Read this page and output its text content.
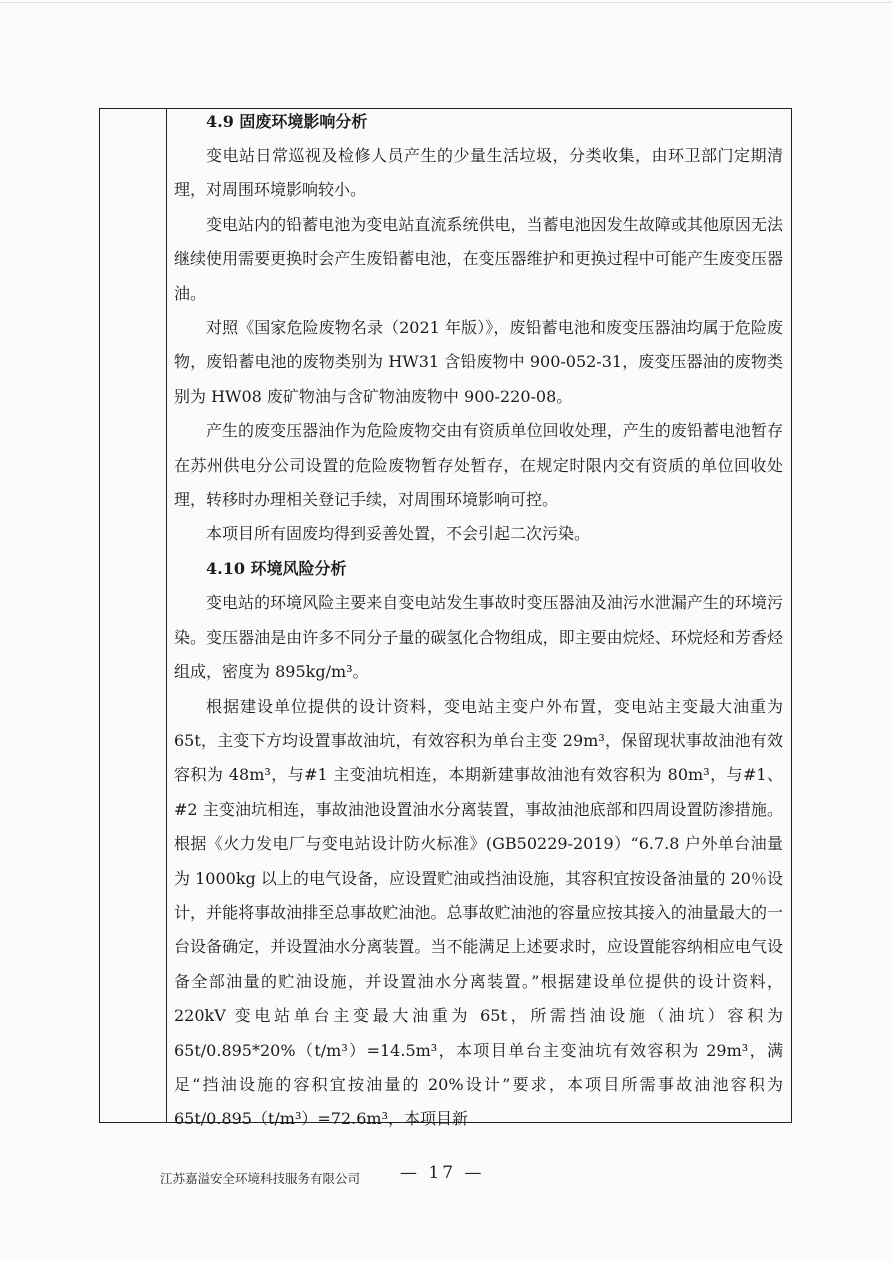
4.9 固废环境影响分析

变电站日常巡视及检修人员产生的少量生活垃圾，分类收集，由环卫部门定期清理，对周围环境影响较小。

变电站内的铅蓄电池为变电站直流系统供电，当蓄电池因发生故障或其他原因无法继续使用需要更换时会产生废铅蓄电池，在变压器维护和更换过程中可能产生废变压器油。

对照《国家危险废物名录（2021 年版）》，废铅蓄电池和废变压器油均属于危险废物，废铅蓄电池的废物类别为 HW31 含铅废物中 900-052-31，废变压器油的废物类别为 HW08 废矿物油与含矿物油废物中 900-220-08。

产生的废变压器油作为危险废物交由有资质单位回收处理，产生的废铅蓄电池暂存在苏州供电分公司设置的危险废物暂存处暂存，在规定时限内交有资质的单位回收处理，转移时办理相关登记手续，对周围环境影响可控。

本项目所有固废均得到妥善处置，不会引起二次污染。

4.10 环境风险分析

变电站的环境风险主要来自变电站发生事故时变压器油及油污水泄漏产生的环境污染。变压器油是由许多不同分子量的碳氢化合物组成，即主要由烷烃、环烷烃和芳香烃组成，密度为 895kg/m³。

根据建设单位提供的设计资料，变电站主变户外布置，变电站主变最大油重为 65t，主变下方均设置事故油坑，有效容积为单台主变 29m³，保留现状事故油池有效容积为 48m³，与#1 主变油坑相连，本期新建事故油池有效容积为 80m³，与#1、#2 主变油坑相连，事故油池设置油水分离装置，事故油池底部和四周设置防渗措施。根据《火力发电厂与变电站设计防火标准》(GB50229-2019）“6.7.8 户外单台油量为 1000kg 以上的电气设备，应设置贮油或挡油设施，其容积宜按设备油量的 20％设计，并能将事故油排至总事故贮油池。总事故贮油池的容量应按其接入的油量最大的一台设备确定，并设置油水分离装置。当不能满足上述要求时，应设置能容纳相应电气设备全部油量的贮油设施，并设置油水分离装置。”根据建设单位提供的设计资料，220kV 变电站单台主变最大油重为 65t，所需挡油设施（油坑）容积为 65t/0.895*20%（t/m³）=14.5m³，本项目单台主变油坑有效容积为 29m³，满足“挡油设施的容积宜按油量的 20%设计”要求，本项目所需事故油池容积为 65t/0.895（t/m³）=72.6m³，本项目新

江苏嘉溢安全环境科技服务有限公司 — 17 —
